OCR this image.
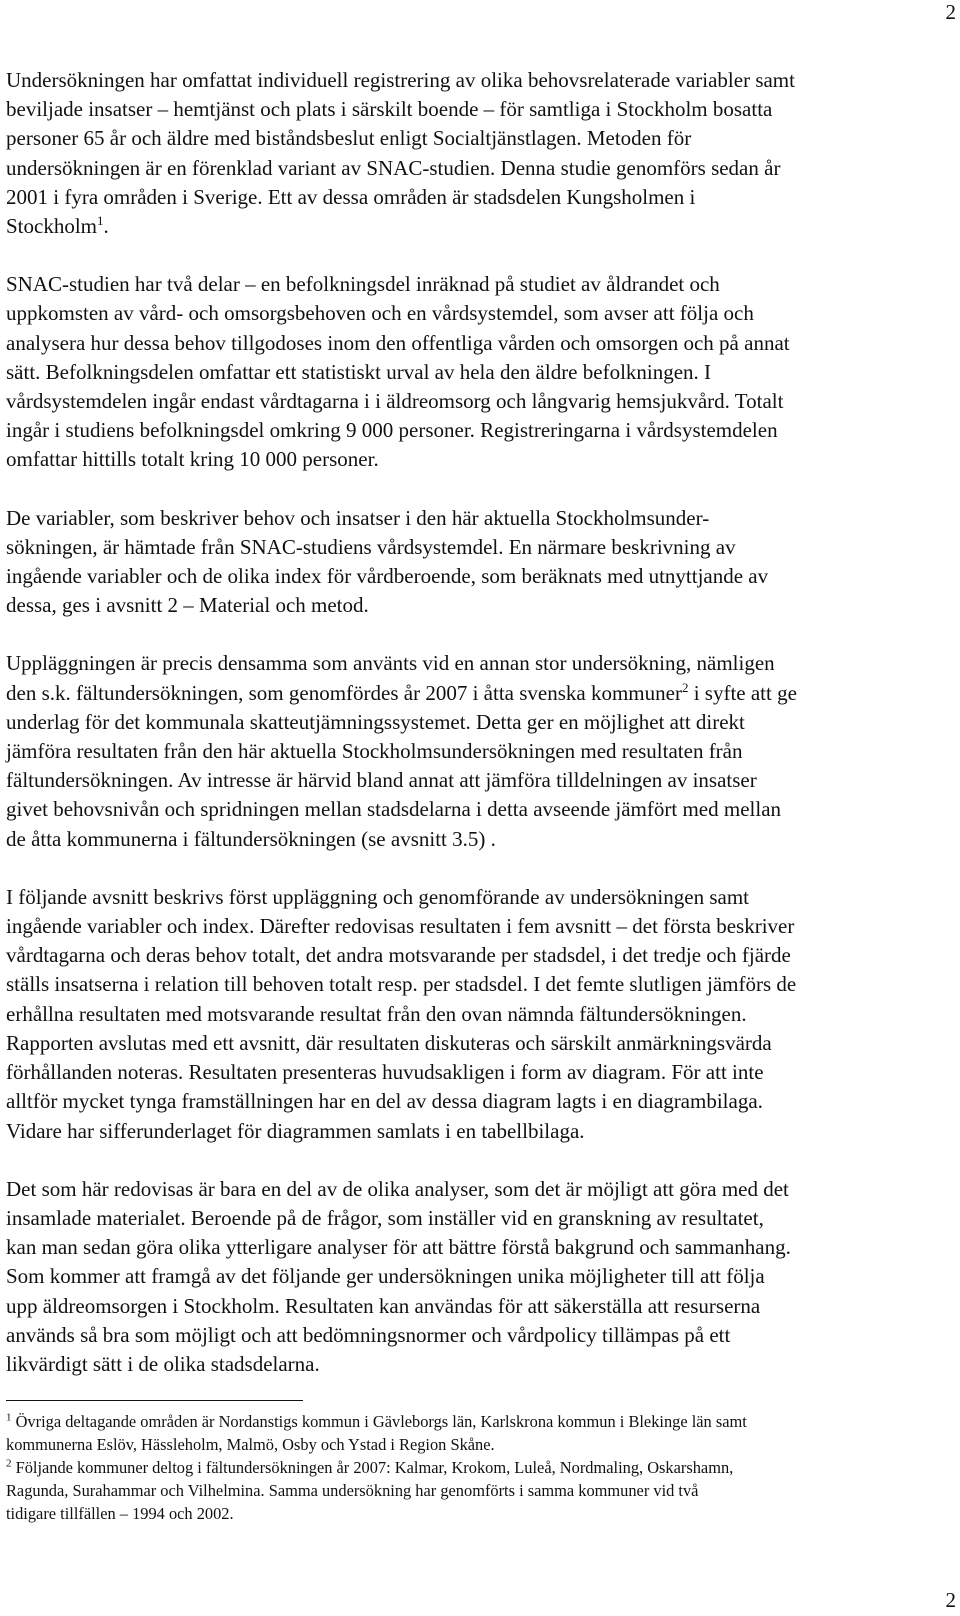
2

Undersökningen har omfattat individuell registrering av olika behovsrelaterade variabler samt
beviljade insatser – hemtjänst och plats i särskilt boende – för samtliga i Stockholm bosatta
personer 65 år och äldre med biståndsbeslut enligt Socialtjänstlagen. Metoden för
undersökningen är en förenklad variant av SNAC-studien. Denna studie genomförs sedan år
2001 i fyra områden i Sverige. Ett av dessa områden är stadsdelen Kungsholmen i
Stockholm$^1$.

SNAC-studien har två delar – en befolkningsdel inräknad på studiet av åldrandet och
uppkomsten av vård- och omsorgsbehoven och en vårdsystemdel, som avser att följa och
analysera hur dessa behov tillgodoses inom den offentliga vården och omsorgen och på annat
sätt. Befolkningsdelen omfattar ett statistiskt urval av hela den äldre befolkningen. I
vårdsystemdelen ingår endast vårdtagarna i i äldreomsorg och långvarig hemsjukvård. Totalt
ingår i studiens befolkningsdel omkring 9 000 personer. Registreringarna i vårdsystemdelen
omfattar hittills totalt kring 10 000 personer.

De variabler, som beskriver behov och insatser i den här aktuella Stockholmsunder-
sökningen, är hämtade från SNAC-studiens vårdsystemdel. En närmare beskrivning av
ingående variabler och de olika index för vårdberoende, som beräknats med utnyttjande av
dessa, ges i avsnitt 2 – Material och metod.

Uppläggningen är precis densamma som använts vid en annan stor undersökning, nämligen
den s.k. fältundersökningen, som genomfördes år 2007 i åtta svenska kommuner$^2$ i syfte att ge
underlag för det kommunala skatteutjämningssystemet. Detta ger en möjlighet att direkt
jämföra resultaten från den här aktuella Stockholmsundersökningen med resultaten från
fältundersökningen. Av intresse är härvid bland annat att jämföra tilldelningen av insatser
givet behovsnivån och spridningen mellan stadsdelarna i detta avseende jämfört med mellan
de åtta kommunerna i fältundersökningen (se avsnitt 3.5) .

I följande avsnitt beskrivs först uppläggning och genomförande av undersökningen samt
ingående variabler och index. Därefter redovisas resultaten i fem avsnitt – det första beskriver
vårdtagarna och deras behov totalt, det andra motsvarande per stadsdel, i det tredje och fjärde
ställs insatserna i relation till behoven totalt resp. per stadsdel. I det femte slutligen jämförs de
erhållna resultaten med motsvarande resultat från den ovan nämnda fältundersökningen.
Rapporten avslutas med ett avsnitt, där resultaten diskuteras och särskilt anmärkningsvärda
förhållanden noteras. Resultaten presenteras huvudsakligen i form av diagram. För att inte
alltför mycket tynga framställningen har en del av dessa diagram lagts i en diagrambilaga.
Vidare har sifferunderlaget för diagrammen samlats i en tabellbilaga.

Det som här redovisas är bara en del av de olika analyser, som det är möjligt att göra med det
insamlade materialet. Beroende på de frågor, som inställer vid en granskning av resultatet,
kan man sedan göra olika ytterligare analyser för att bättre förstå bakgrund och sammanhang.
Som kommer att framgå av det följande ger undersökningen unika möjligheter till att följa
upp äldreomsorgen i Stockholm. Resultaten kan användas för att säkerställa att resurserna
används så bra som möjligt och att bedömningsnormer och vårdpolicy tillämpas på ett
likvärdigt sätt i de olika stadsdelarna.

$^1$ Övriga deltagande områden är Nordanstigs kommun i Gävleborgs län, Karlskrona kommun i Blekinge län samt
kommunerna Eslöv, Hässleholm, Malmö, Osby och Ystad i Region Skåne.

$^2$ Följande kommuner deltog i fältundersökningen år 2007: Kalmar, Krokom, Luleå, Nordmaling, Oskarshamn,
Ragunda, Surahammar och Vilhelmina. Samma undersökning har genomförts i samma kommuner vid två
tidigare tillfällen – 1994 och 2002.

2
